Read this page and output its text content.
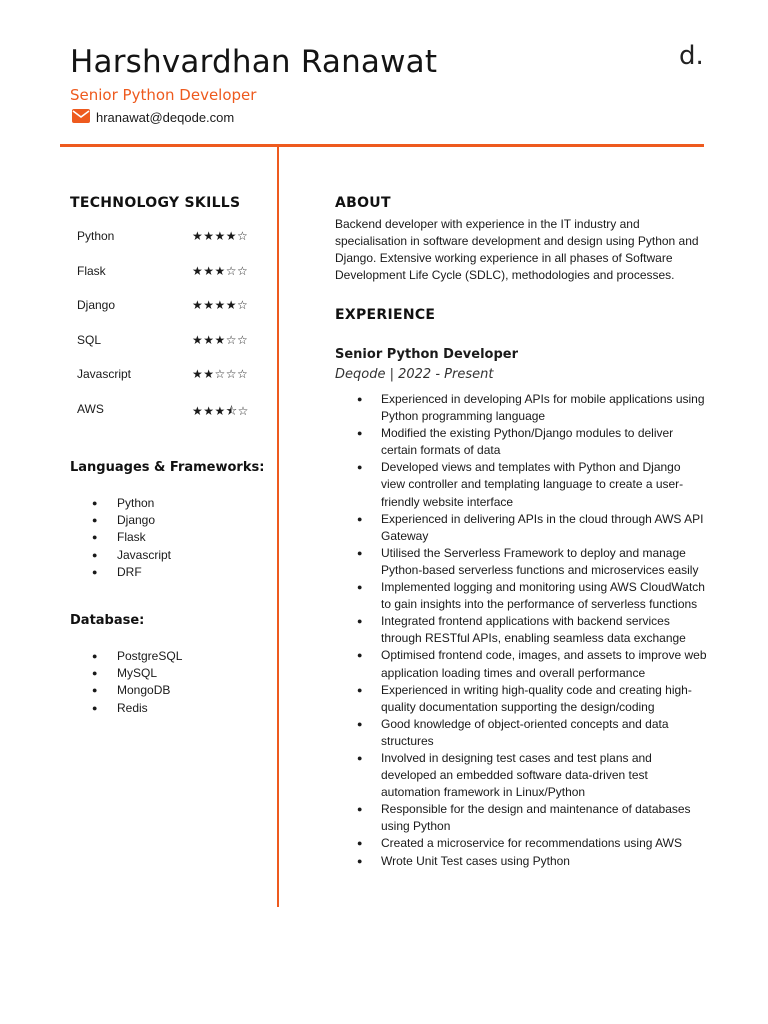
Harshvardhan Ranawat
Senior Python Developer
hranawat@deqode.com
d.
TECHNOLOGY SKILLS
Python	★★★★☆
Flask	★★★☆☆
Django	★★★★☆
SQL	★★★☆☆
Javascript	★★☆☆☆
AWS	★★★⯪☆
Languages & Frameworks:
● Python
● Django
● Flask
● Javascript
● DRF
Database:
● PostgreSQL
● MySQL
● MongoDB
● Redis
ABOUT

Backend developer with experience in the IT industry and specialisation in software development and design using Python and Django. Extensive working experience in all phases of Software Development Life Cycle (SDLC), methodologies and processes.

EXPERIENCE
Senior Python Developer
Deqode | 2022 - Present
● Experienced in developing APIs for mobile applications using Python programming language
● Modified the existing Python/Django modules to deliver certain formats of data
● Developed views and templates with Python and Django view controller and templating language to create a user-friendly website interface
● Experienced in delivering APIs in the cloud through AWS API Gateway
● Utilised the Serverless Framework to deploy and manage Python-based serverless functions and microservices easily
● Implemented logging and monitoring using AWS CloudWatch to gain insights into the performance of serverless functions
● Integrated frontend applications with backend services through RESTful APIs, enabling seamless data exchange
● Optimised frontend code, images, and assets to improve web application loading times and overall performance
● Experienced in writing high-quality code and creating high-quality documentation supporting the design/coding
● Good knowledge of object-oriented concepts and data structures
● Involved in designing test cases and test plans and developed an embedded software data-driven test automation framework in Linux/Python
● Responsible for the design and maintenance of databases using Python
● Created a microservice for recommendations using AWS
● Wrote Unit Test cases using Python
